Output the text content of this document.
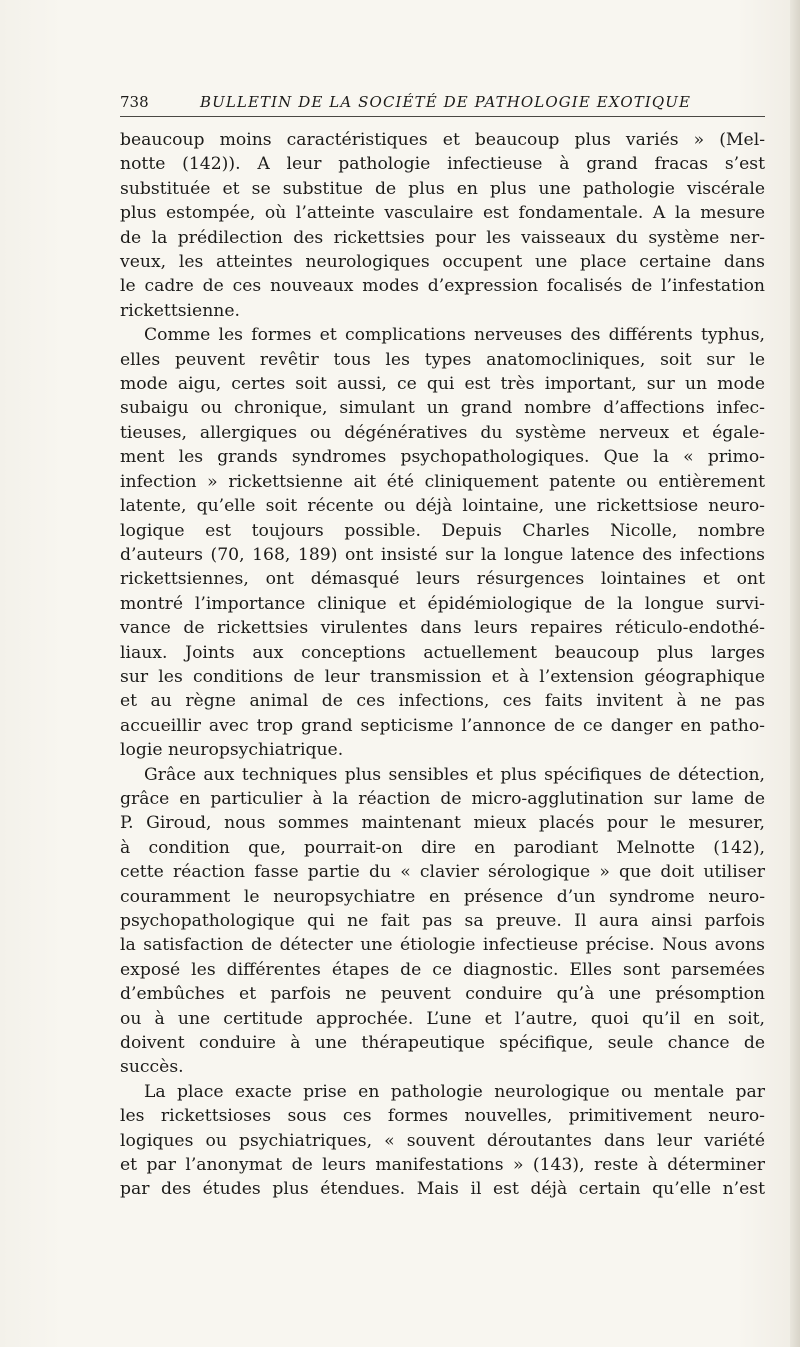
738	BULLETIN DE LA SOCIÉTÉ DE PATHOLOGIE EXOTIQUE
beaucoup moins caractéristiques et beaucoup plus variés » (Mel-
notte (142)). A leur pathologie infectieuse à grand fracas s’est
substituée et se substitue de plus en plus une pathologie viscérale
plus estompée, où l’atteinte vasculaire est fondamentale. A la mesure
de la prédilection des rickettsies pour les vaisseaux du système ner-
veux, les atteintes neurologiques occupent une place certaine dans
le cadre de ces nouveaux modes d’expression focalisés de l’infestation
rickettsienne.
Comme les formes et complications nerveuses des différents typhus,
elles peuvent revêtir tous les types anatomocliniques, soit sur le
mode aigu, certes soit aussi, ce qui est très important, sur un mode
subaigu ou chronique, simulant un grand nombre d’affections infec-
tieuses, allergiques ou dégénératives du système nerveux et égale-
ment les grands syndromes psychopathologiques. Que la « primo-
infection » rickettsienne ait été cliniquement patente ou entièrement
latente, qu’elle soit récente ou déjà lointaine, une rickettsiose neuro-
logique est toujours possible. Depuis Charles Nicolle, nombre
d’auteurs (70, 168, 189) ont insisté sur la longue latence des infections
rickettsiennes, ont démasqué leurs résurgences lointaines et ont
montré l’importance clinique et épidémiologique de la longue survi-
vance de rickettsies virulentes dans leurs repaires réticulo-endothé-
liaux. Joints aux conceptions actuellement beaucoup plus larges
sur les conditions de leur transmission et à l’extension géographique
et au règne animal de ces infections, ces faits invitent à ne pas
accueillir avec trop grand septicisme l’annonce de ce danger en patho-
logie neuropsychiatrique.
Grâce aux techniques plus sensibles et plus spécifiques de détection,
grâce en particulier à la réaction de micro-agglutination sur lame de
P. Giroud, nous sommes maintenant mieux placés pour le mesurer,
à condition que, pourrait-on dire en parodiant Melnotte (142),
cette réaction fasse partie du « clavier sérologique » que doit utiliser
couramment le neuropsychiatre en présence d’un syndrome neuro-
psychopathologique qui ne fait pas sa preuve. Il aura ainsi parfois
la satisfaction de détecter une étiologie infectieuse précise. Nous avons
exposé les différentes étapes de ce diagnostic. Elles sont parsemées
d’embûches et parfois ne peuvent conduire qu’à une présomption
ou à une certitude approchée. L’une et l’autre, quoi qu’il en soit,
doivent conduire à une thérapeutique spécifique, seule chance de
succès.
La place exacte prise en pathologie neurologique ou mentale par
les rickettsioses sous ces formes nouvelles, primitivement neuro-
logiques ou psychiatriques, « souvent déroutantes dans leur variété
et par l’anonymat de leurs manifestations » (143), reste à déterminer
par des études plus étendues. Mais il est déjà certain qu’elle n’est
